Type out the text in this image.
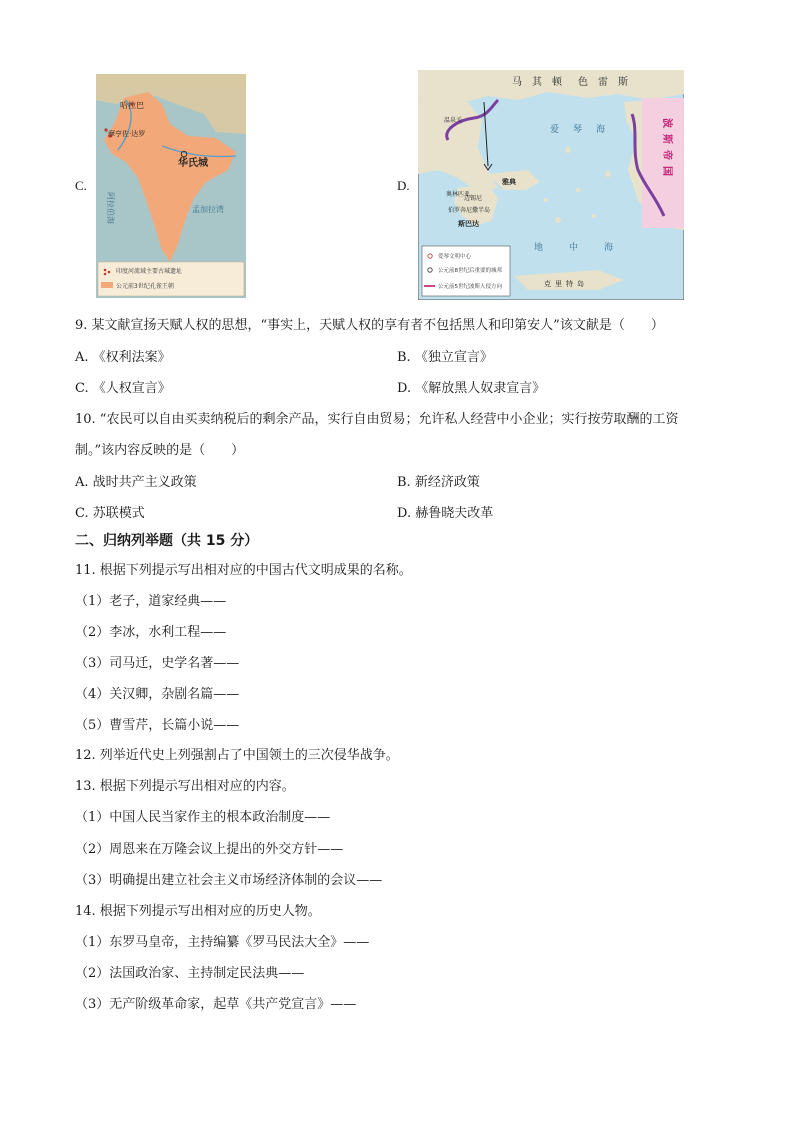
C.
哈拉巴
摩亨佐·达罗
华氏城
阿拉伯海	孟加拉湾
印度河流域主要古城遗址
公元前3世纪孔雀王朝
D.
马其顿 色雷斯
波斯帝国
爱琴海
温泉关
雅典
迈锡尼
伯罗奔尼撒半岛
奥林匹亚
斯巴达
地中海
克里特岛
爱琴文明中心
公元前8世纪后重要的城邦
公元前5世纪波斯人侵方向
9. 某文献宣扬天赋人权的思想，“事实上，天赋人权的享有者不包括黑人和印第安人”该文献是（　　）
A. 《权利法案》	B. 《独立宣言》
C. 《人权宣言》	D. 《解放黑人奴隶宣言》
10. “农民可以自由买卖纳税后的剩余产品，实行自由贸易；允许私人经营中小企业；实行按劳取酬的工资
制。”该内容反映的是（　　）
A. 战时共产主义政策	B. 新经济政策
C. 苏联模式	D. 赫鲁晓夫改革
二、归纳列举题（共 15 分）
11. 根据下列提示写出相对应的中国古代文明成果的名称。
（1）老子，道家经典——
（2）李冰，水利工程——
（3）司马迁，史学名著——
（4）关汉卿，杂剧名篇——
（5）曹雪芹，长篇小说——
12. 列举近代史上列强割占了中国领土的三次侵华战争。
13. 根据下列提示写出相对应的内容。
（1）中国人民当家作主的根本政治制度——
（2）周恩来在万隆会议上提出的外交方针——
（3）明确提出建立社会主义市场经济体制的会议——
14. 根据下列提示写出相对应的历史人物。
（1）东罗马皇帝，主持编纂《罗马民法大全》——
（2）法国政治家、主持制定民法典——
（3）无产阶级革命家，起草《共产党宣言》——
